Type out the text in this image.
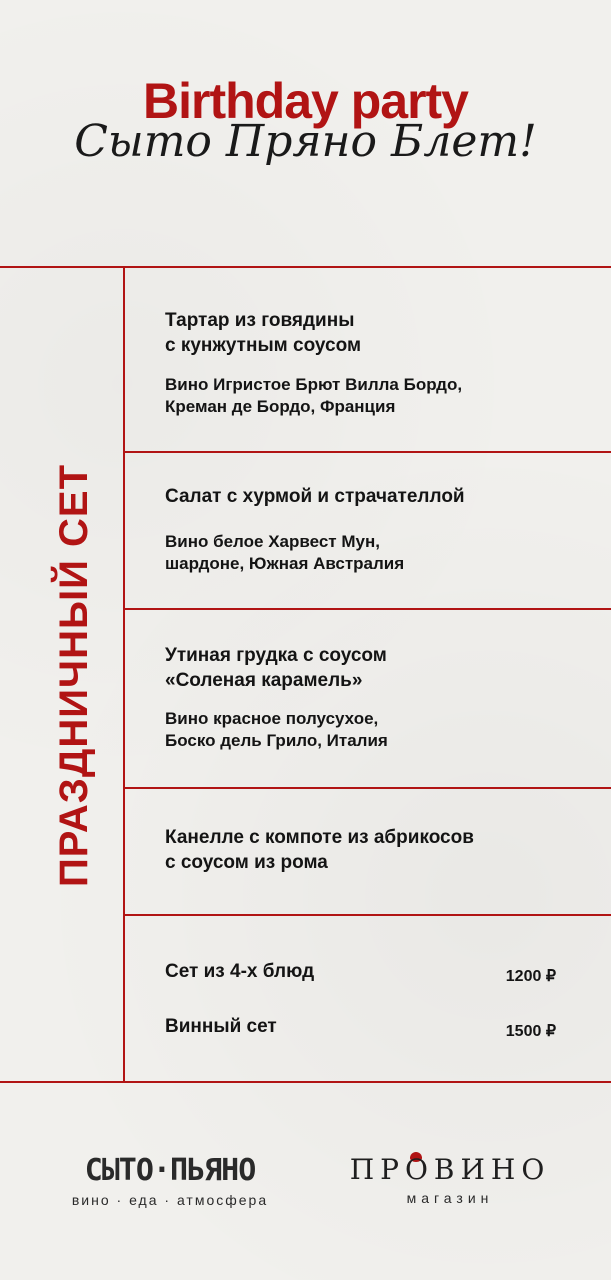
Birthday party
Сыто Пряно Блет!
ПРАЗДНИЧНЫЙ СЕТ
Тартар из говядины
с кунжутным соусом
Вино Игристое Брют Вилла Бордо,
Креман де Бордо, Франция
Салат с хурмой и страчателлой
Вино белое Харвест Мун,
шардоне, Южная Австралия
Утиная грудка с соусом
«Соленая карамель»
Вино красное полусухое,
Боско дель Грило, Италия
Канелле с компоте из абрикосов
с соусом из рома
Сет из 4-х блюд	1200 ₽
Винный сет	1500 ₽
СЫТО·ПЬЯНО
вино · еда · атмосфера
ПРОВИНО
магазин
